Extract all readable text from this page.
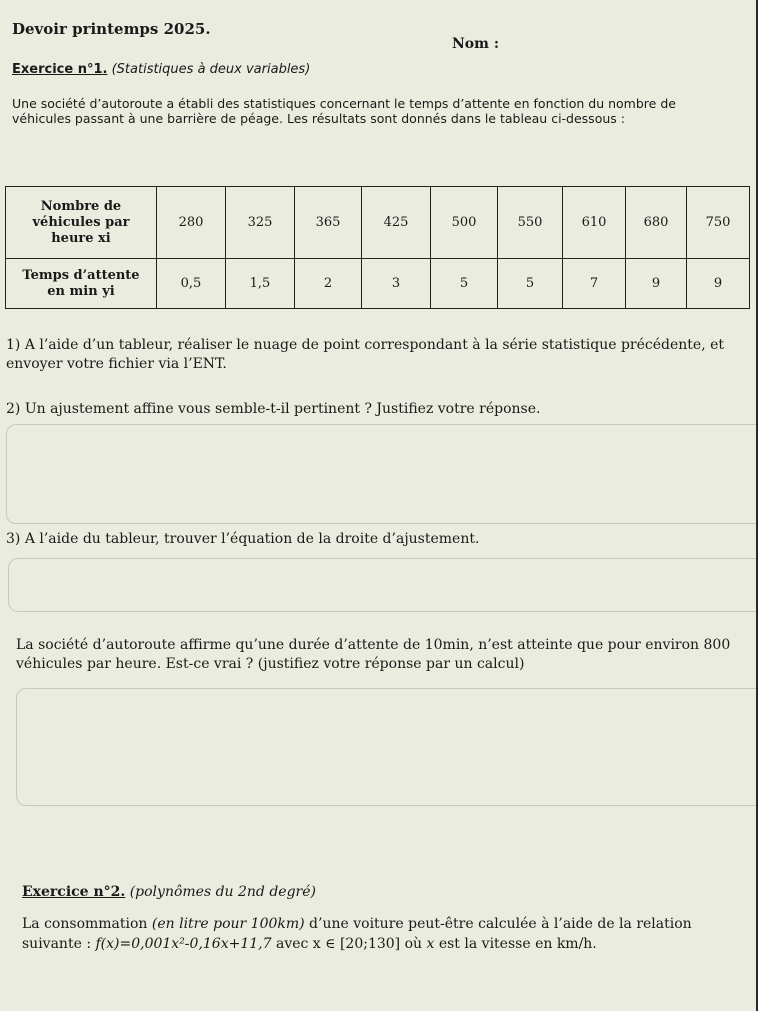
Devoir printemps 2025.
Nom :
Exercice n°1. (Statistiques à deux variables)
Une société d’autoroute a établi des statistiques concernant le temps d’attente en fonction du nombre de véhicules passant à une barrière de péage. Les résultats sont donnés dans le tableau ci-dessous :
Nombre de
véhicules par
heure xi	280	325	365	425	500	550	610	680	750

Temps d’attente
en min yi	0,5	1,5	2	3	5	5	7	9	9
1) A l’aide d’un tableur, réaliser le nuage de point correspondant à la série statistique précédente, et envoyer votre fichier via l’ENT.
2) Un ajustement affine vous semble-t-il pertinent ? Justifiez votre réponse.
3) A l’aide du tableur, trouver l’équation de la droite d’ajustement.
La société d’autoroute affirme qu’une durée d’attente de 10min, n’est atteinte que pour environ 800 véhicules par heure. Est-ce vrai ? (justifiez votre réponse par un calcul)
Exercice n°2. (polynômes du 2nd degré)
La consommation (en litre pour 100km) d’une voiture peut-être calculée à l’aide de la relation
suivante : f(x)=0,001x²-0,16x+11,7 avec x ∈ [20;130] où x est la vitesse en km/h.
